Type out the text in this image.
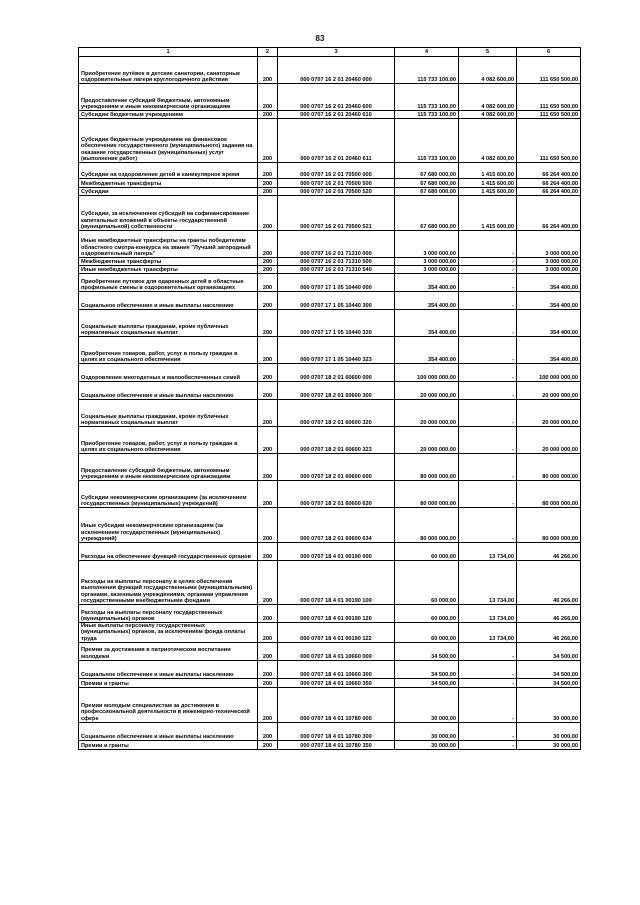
83
1	2	3	4	5	6
Приобретение путёвок в детские санатории, санаторные оздоровительные лагеря круглогодичного действия	200	000 0707 16 2 01 20460 000	115 733 100,00	4 082 600,00	111 650 500,00
Предоставление субсидий бюджетным, автономным учреждениям и иным некоммерческим организациям	200	000 0707 16 2 01 20460 600	115 733 100,00	4 082 600,00	111 650 500,00
Субсидии бюджетным учреждениям	200	000 0707 16 2 01 20460 610	115 733 100,00	4 082 600,00	111 650 500,00
Субсидии бюджетным учреждениям на финансовое обеспечение государственного (муниципального) задания на оказание государственных (муниципальных) услуг (выполнение работ)	200	000 0707 16 2 01 20460 611	115 733 100,00	4 082 600,00	111 650 500,00
Субсидии на оздоровление детей в каникулярное время	200	000 0707 16 2 01 70500 000	67 680 000,00	1 415 600,00	66 264 400,00
Межбюджетные трансферты	200	000 0707 16 2 01 70500 500	67 680 000,00	1 415 600,00	66 264 400,00
Субсидии	200	000 0707 16 2 01 70500 520	67 680 000,00	1 415 600,00	66 264 400,00
Субсидии, за исключением субсидий на софинансирование капитальных вложений в объекты государственной (муниципальной) собственности	200	000 0707 16 2 01 70500 521	67 680 000,00	1 415 600,00	66 264 400,00
Иные межбюджетные трансферты на гранты победителям областного смотра-конкурса на звание "Лучший загородный оздоровительный лагерь"	200	000 0707 16 2 01 71310 000	3 000 000,00	-	3 000 000,00
Межбюджетные трансферты	200	000 0707 16 2 01 71310 500	3 000 000,00	-	3 000 000,00
Иные межбюджетные трансферты	200	000 0707 16 2 01 71310 540	3 000 000,00	-	3 000 000,00
Приобретение путевок для одаренных детей в областные профильные смены в оздоровительных организациях	200	000 0707 17 1 05 10440 000	354 400,00	-	354 400,00
Социальное обеспечение и иные выплаты населению	200	000 0707 17 1 05 10440 300	354 400,00	-	354 400,00
Социальные выплаты гражданам, кроме публичных нормативных социальных выплат	200	000 0707 17 1 05 10440 320	354 400,00	-	354 400,00
Приобретение товаров, работ, услуг в пользу граждан в целях их социального обеспечения	200	000 0707 17 1 05 10440 323	354 400,00	-	354 400,00
Оздоровление многодетных и малообеспеченных семей	200	000 0707 18 2 01 60600 000	100 000 000,00	-	100 000 000,00
Социальное обеспечение и иные выплаты населению	200	000 0707 18 2 01 60600 300	20 000 000,00	-	20 000 000,00
Социальные выплаты гражданам, кроме публичных нормативных социальных выплат	200	000 0707 18 2 01 60600 320	20 000 000,00	-	20 000 000,00
Приобретение товаров, работ, услуг в пользу граждан в целях их социального обеспечения	200	000 0707 18 2 01 60600 323	20 000 000,00	-	20 000 000,00
Предоставление субсидий бюджетным, автономным учреждениям и иным некоммерческим организациям	200	000 0707 18 2 01 60600 600	80 000 000,00	-	80 000 000,00
Субсидии некоммерческим организациям (за исключением государственных (муниципальных) учреждений)	200	000 0707 18 2 01 60600 630	80 000 000,00	-	80 000 000,00
Иные субсидии некоммерческим организациям (за исключением государственных (муниципальных) учреждений)	200	000 0707 18 2 01 60600 634	80 000 000,00	-	80 000 000,00
Расходы на обеспечение функций государственных органов	200	000 0707 18 4 01 00190 000	60 000,00	13 734,00	46 266,00
Расходы на выплаты персоналу в целях обеспечения выполнения функций государственными (муниципальными) органами, казенными учреждениями, органами управления государственными внебюджетными фондами	200	000 0707 18 4 01 00190 100	60 000,00	13 734,00	46 266,00
Расходы на выплаты персоналу государственных (муниципальных) органов	200	000 0707 18 4 01 00190 120	60 000,00	13 734,00	46 266,00
Иные выплаты персоналу государственных (муниципальных) органов, за исключением фонда оплаты труда	200	000 0707 18 4 01 00190 122	60 000,00	13 734,00	46 266,00
Премии за достижения в патриотическом воспитании молодежи	200	000 0707 18 4 01 10660 000	34 500,00	-	34 500,00
Социальное обеспечение и иные выплаты населению	200	000 0707 18 4 01 10660 300	34 500,00	-	34 500,00
Премии и гранты	200	000 0707 18 4 01 10660 350	34 500,00	-	34 500,00
Премии молодым специалистам за достижения в профессиональной деятельности в инженерно-технической сфере	200	000 0707 18 4 01 10780 000	30 000,00	-	30 000,00
Социальное обеспечение и иные выплаты населению	200	000 0707 18 4 01 10780 300	30 000,00	-	30 000,00
Премии и гранты	200	000 0707 18 4 01 10780 350	30 000,00	-	30 000,00
